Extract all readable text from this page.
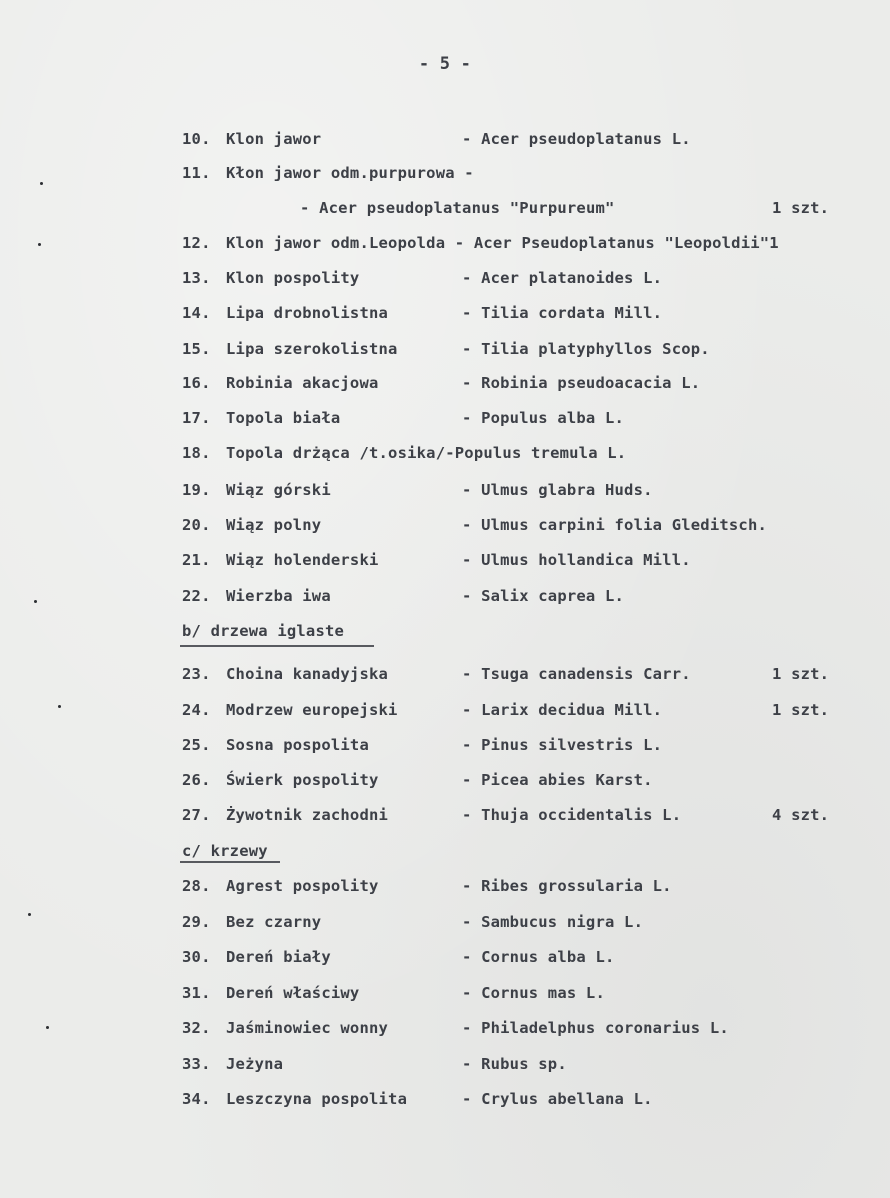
- 5 -
10. Klon jawor	- Acer pseudoplatanus L.
11. Kłon jawor odm.purpurowa -
- Acer pseudoplatanus "Purpureum"	1 szt.
12. Klon jawor odm.Leopolda - Acer Pseudoplatanus "Leopoldii"1
13. Klon pospolity	- Acer platanoides L.
14. Lipa drobnolistna	- Tilia cordata Mill.
15. Lipa szerokolistna	- Tilia platyphyllos Scop.
16. Robinia akacjowa	- Robinia pseudoacacia L.
17. Topola biała	- Populus alba L.
18. Topola drżąca /t.osika/-Populus tremula L.
19. Wiąz górski	- Ulmus glabra Huds.
20. Wiąz polny	- Ulmus carpini folia Gleditsch.
21. Wiąz holenderski	- Ulmus hollandica Mill.
22. Wierzba iwa	- Salix caprea L.
b/ drzewa iglaste
23. Choina kanadyjska	- Tsuga canadensis Carr.	1 szt.
24. Modrzew europejski	- Larix decidua Mill.	1 szt.
25. Sosna pospolita	- Pinus silvestris L.
26. Świerk pospolity	- Picea abies Karst.
27. Żywotnik zachodni	- Thuja occidentalis L.	4 szt.
c/ krzewy
28. Agrest pospolity	- Ribes grossularia L.
29. Bez czarny	- Sambucus nigra L.
30. Dereń biały	- Cornus alba L.
31. Dereń właściwy	- Cornus mas L.
32. Jaśminowiec wonny	- Philadelphus coronarius L.
33. Jeżyna	- Rubus sp.
34. Leszczyna pospolita	- Crylus abellana L.
